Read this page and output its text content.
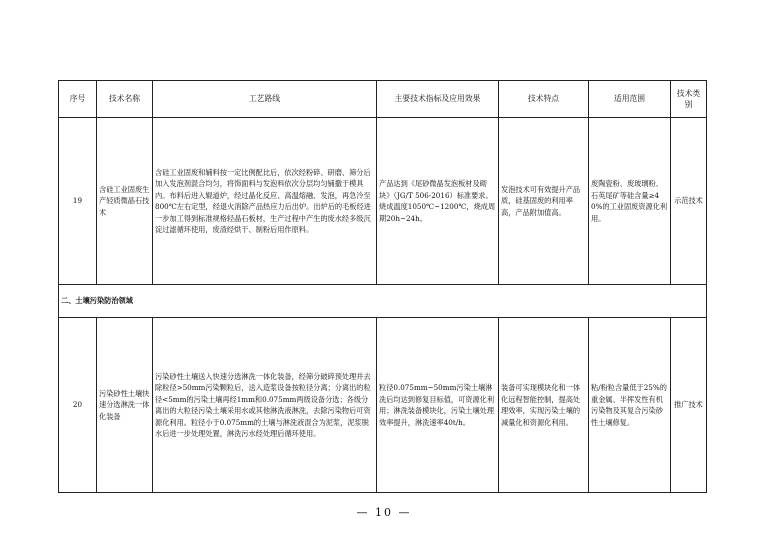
序号	技术名称	工艺路线	主要技术指标及应用效果	技术特点	适用范围	技术类别
19	含硅工业固废生产轻质微晶石技术	含硅工业固废和辅料按一定比例配比后，依次经粉碎、研磨、筛分后加入发泡剂混合均匀，将饰面料与发泡料依次分层均匀铺撒于模具内。布料后进入辊道炉，经过晶化反应、高温熔融、发泡，再急冷至800℃左右定型，经退火消除产品热应力后出炉。出炉后的毛板经进一步加工得到标准规格轻晶石板材，生产过程中产生的废水经多级沉淀过滤循环使用，废渣经烘干、制粉后用作原料。	产品达到《尾砂微晶发泡板材及砌块》（JG/T 506-2016）标准要求。烧成温度1050℃~1200℃，烧成周期20h~24h。	发泡技术可有效提升产品质，硅基固废的利用率高，产品附加值高。	废陶瓷粉、废玻璃粉、石英尾矿等硅含量≥40%的工业固废资源化利用。	示范技术
二、土壤污染防治领域						
20	污染砂性土壤快速分选淋洗一体化装备	污染砂性土壤送入快速分选淋洗一体化装备，经筛分破碎预处理并去除粒径>50mm污染颗粒后，送入造浆设备按粒径分离；分离出的粒径<5mm的污染土壤再经1mm和0.075mm两级设备分选；各级分离出的大粒径污染土壤采用水或其他淋洗液淋洗，去除污染物后可资源化利用。粒径小于0.075mm的土壤与淋洗液混合为泥浆，泥浆脱水后进一步处理处置，淋洗污水经处理后循环使用。	粒径0.075mm~50mm污染土壤淋洗后均达到修复目标值，可资源化利用；淋洗装备模块化，污染土壤处理效率提升，淋洗速率40t/h。	装备可实现模块化和一体化远程智能控制，提高处理效率，实现污染土壤的减量化和资源化利用。	粘/粉粒含量低于25%的重金属、半挥发性有机污染物及其复合污染砂性土壤修复。	推广技术
— 10 —
